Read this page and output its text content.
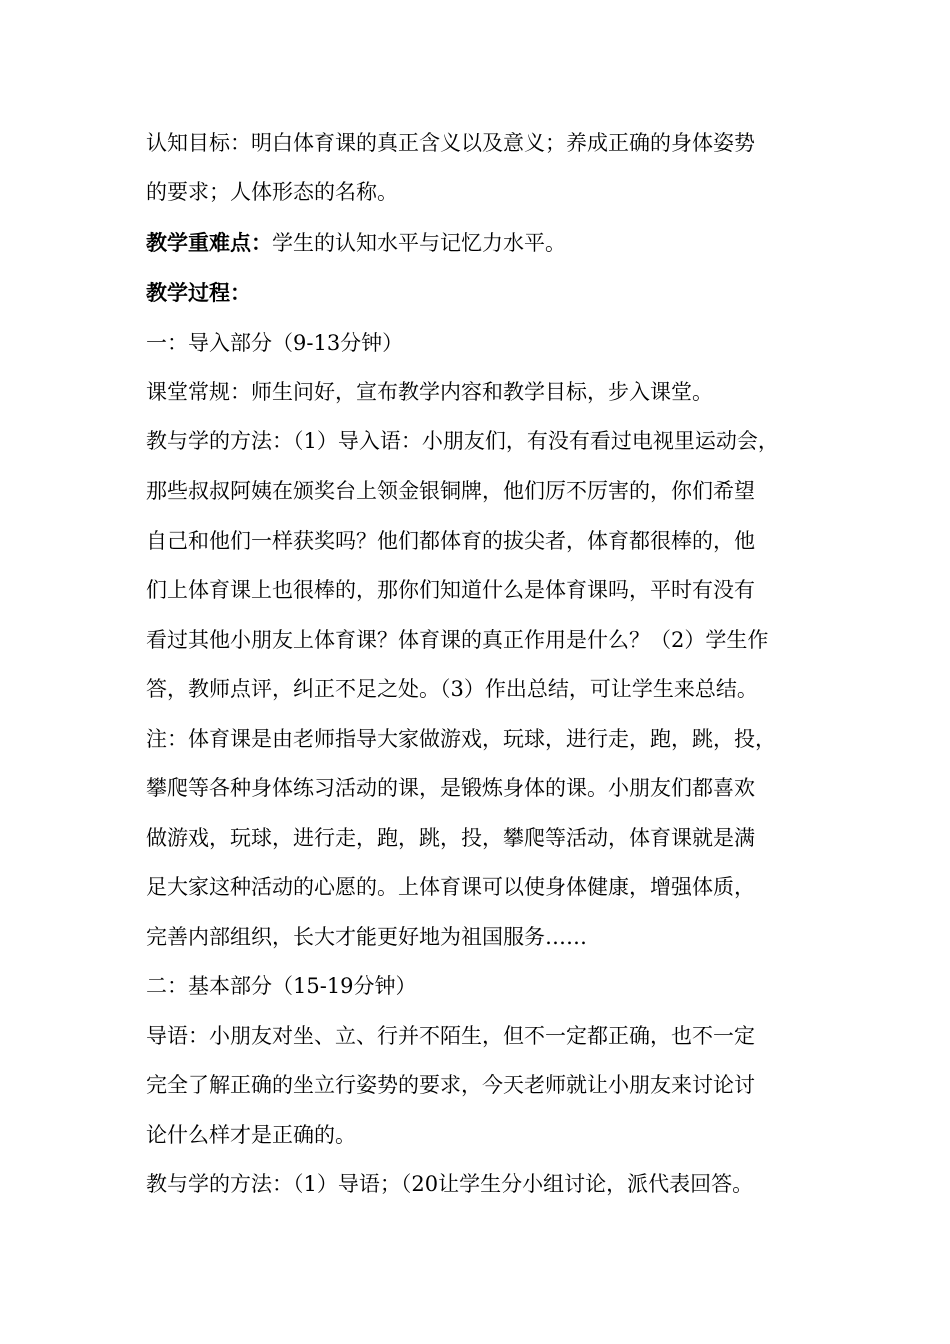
认知目标：明白体育课的真正含义以及意义；养成正确的身体姿势
的要求；人体形态的名称。
教学重难点：学生的认知水平与记忆力水平。
教学过程：
一：导入部分（9-13分钟）
课堂常规：师生问好，宣布教学内容和教学目标，步入课堂。
教与学的方法：（1）导入语：小朋友们，有没有看过电视里运动会，
那些叔叔阿姨在颁奖台上领金银铜牌，他们厉不厉害的，你们希望
自己和他们一样获奖吗？他们都体育的拔尖者，体育都很棒的，他
们上体育课上也很棒的，那你们知道什么是体育课吗，平时有没有
看过其他小朋友上体育课？体育课的真正作用是什么？（2）学生作
答，教师点评，纠正不足之处。（3）作出总结，可让学生来总结。
注：体育课是由老师指导大家做游戏，玩球，进行走，跑，跳，投，
攀爬等各种身体练习活动的课，是锻炼身体的课。小朋友们都喜欢
做游戏，玩球，进行走，跑，跳，投，攀爬等活动，体育课就是满
足大家这种活动的心愿的。上体育课可以使身体健康，增强体质，
完善内部组织，长大才能更好地为祖国服务……
二：基本部分（15-19分钟）
导语：小朋友对坐、立、行并不陌生，但不一定都正确，也不一定
完全了解正确的坐立行姿势的要求，今天老师就让小朋友来讨论讨
论什么样才是正确的。
教与学的方法：（1）导语；（20让学生分小组讨论，派代表回答。
